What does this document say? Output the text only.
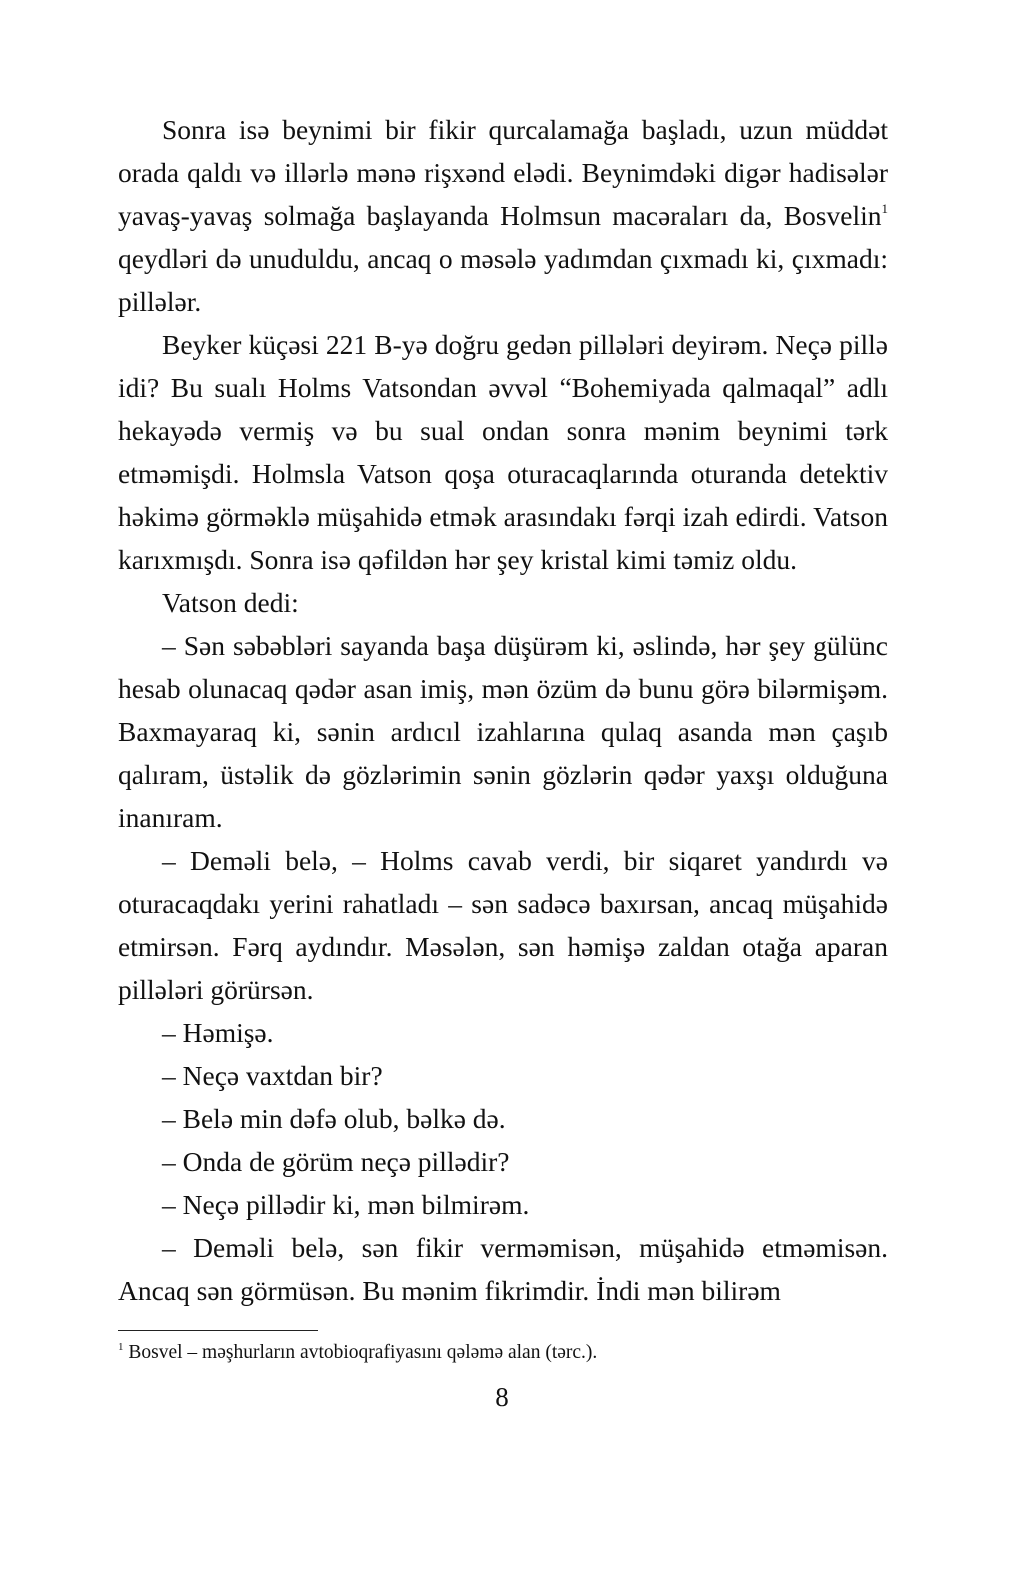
Sonra isə beynimi bir fikir qurcalamağa başladı, uzun müddət orada qaldı və illərlə mənə rişxənd elədi. Beynimdəki digər hadisələr yavaş-yavaş solmağa başlayanda Holmsun macəraları da, Bosvelin$^1$ qeydləri də unuduldu, ancaq o məsələ yadımdan çıxmadı ki, çıxmadı: pillələr.

Beyker küçəsi 221 B-yə doğru gedən pillələri deyirəm. Neçə pillə idi? Bu sualı Holms Vatsondan əvvəl “Bohemiyada qalmaqal” adlı hekayədə vermiş və bu sual ondan sonra mənim beynimi tərk etməmişdi. Holmsla Vatson qoşa oturacaqlarında oturanda detektiv həkimə görməklə müşahidə etmək arasındakı fərqi izah edirdi. Vatson karıxmışdı. Sonra isə qəfildən hər şey kristal kimi təmiz oldu.

Vatson dedi:

– Sən səbəbləri sayanda başa düşürəm ki, əslində, hər şey gülünc hesab olunacaq qədər asan imiş, mən özüm də bunu görə bilərmişəm. Baxmayaraq ki, sənin ardıcıl izahlarına qulaq asanda mən çaşıb qalıram, üstəlik də gözlərimin sənin gözlərin qədər yaxşı olduğuna inanıram.

– Deməli belə, – Holms cavab verdi, bir siqaret yandırdı və oturacaqdakı yerini rahatladı – sən sadəcə baxırsan, ancaq müşahidə etmirsən. Fərq aydındır. Məsələn, sən həmişə zaldan otağa aparan pillələri görürsən.

– Həmişə.

– Neçə vaxtdan bir?

– Belə min dəfə olub, bəlkə də.

– Onda de görüm neçə pillədir?

– Neçə pillədir ki, mən bilmirəm.

– Deməli belə, sən fikir verməmisən, müşahidə etməmisən. Ancaq sən görmüsən. Bu mənim fikrimdir. İndi mən bilirəm

$^1$ Bosvel – məşhurların avtobioqrafiyasını qələmə alan (tərc.).
8
